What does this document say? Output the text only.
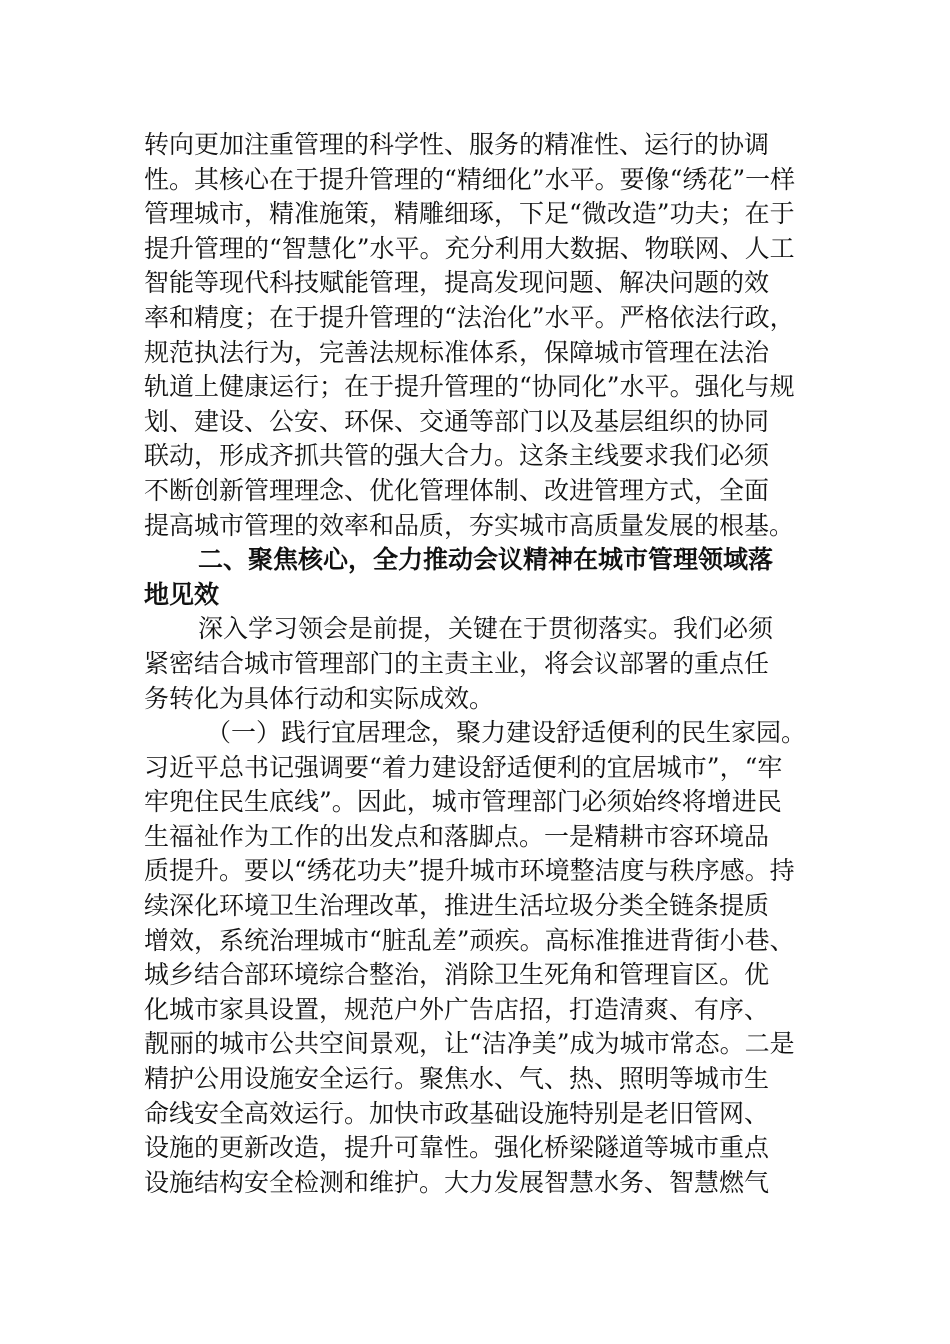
转向更加注重管理的科学性、服务的精准性、运行的协调
性。其核心在于提升管理的“精细化”水平。要像“绣花”一样
管理城市，精准施策，精雕细琢，下足“微改造”功夫；在于
提升管理的“智慧化”水平。充分利用大数据、物联网、人工
智能等现代科技赋能管理，提高发现问题、解决问题的效
率和精度；在于提升管理的“法治化”水平。严格依法行政，
规范执法行为，完善法规标准体系，保障城市管理在法治
轨道上健康运行；在于提升管理的“协同化”水平。强化与规
划、建设、公安、环保、交通等部门以及基层组织的协同
联动，形成齐抓共管的强大合力。这条主线要求我们必须
不断创新管理理念、优化管理体制、改进管理方式，全面
提高城市管理的效率和品质，夯实城市高质量发展的根基。
二、聚焦核心，全力推动会议精神在城市管理领域落
地见效
深入学习领会是前提，关键在于贯彻落实。我们必须
紧密结合城市管理部门的主责主业，将会议部署的重点任
务转化为具体行动和实际成效。
（一）践行宜居理念，聚力建设舒适便利的民生家园。
习近平总书记强调要“着力建设舒适便利的宜居城市”，“牢
牢兜住民生底线”。因此，城市管理部门必须始终将增进民
生福祉作为工作的出发点和落脚点。一是精耕市容环境品
质提升。要以“绣花功夫”提升城市环境整洁度与秩序感。持
续深化环境卫生治理改革，推进生活垃圾分类全链条提质
增效，系统治理城市“脏乱差”顽疾。高标准推进背街小巷、
城乡结合部环境综合整治，消除卫生死角和管理盲区。优
化城市家具设置，规范户外广告店招，打造清爽、有序、
靓丽的城市公共空间景观，让“洁净美”成为城市常态。二是
精护公用设施安全运行。聚焦水、气、热、照明等城市生
命线安全高效运行。加快市政基础设施特别是老旧管网、
设施的更新改造，提升可靠性。强化桥梁隧道等城市重点
设施结构安全检测和维护。大力发展智慧水务、智慧燃气
